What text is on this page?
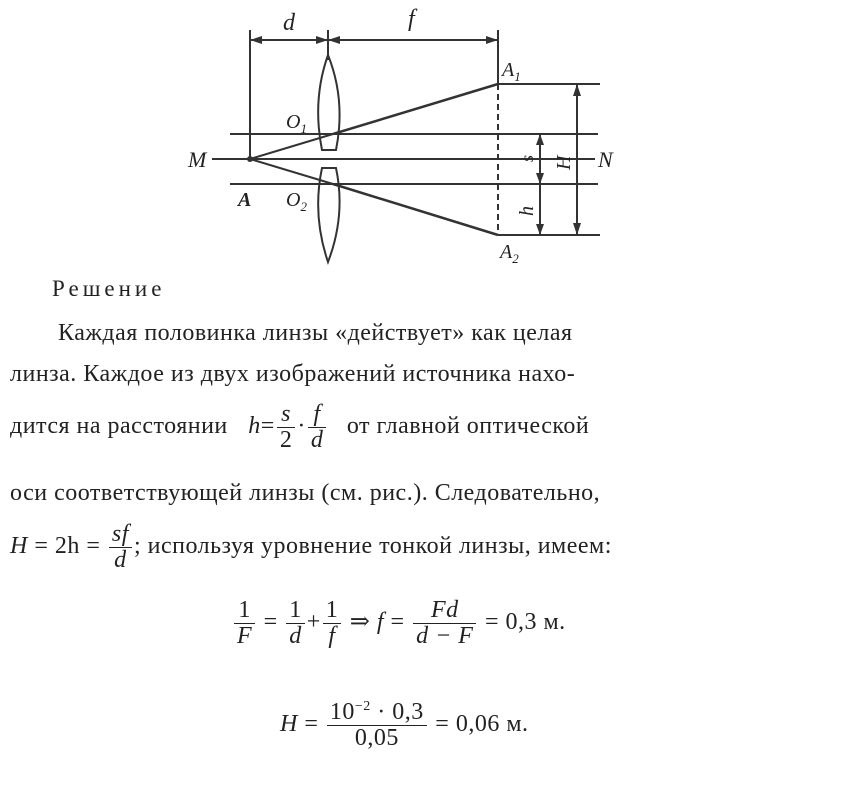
d	f
$A_1$
$O_1$
M	N
A $O_2$
$A_2$
s H
h
Решение
Каждая половинка линзы «действует» как целая
линза. Каждое из двух изображений источника нахо-
дится на расстоянии $h= \frac{s}{2} \cdot \frac{f}{d}$ от главной оптической
оси соответствующей линзы (см. рис.). Следовательно,
$H = 2h = \frac{sf}{d}$ ; используя уровнение тонкой линзы, имеем:
$\frac{1}{F} = \frac{1}{d} + \frac{1}{f}$ ⇒ $f = \frac{Fd}{d - F} = 0,3$ м.
$H = \frac{10^{-2} \cdot 0,3}{0,05} = 0,06$ м.
